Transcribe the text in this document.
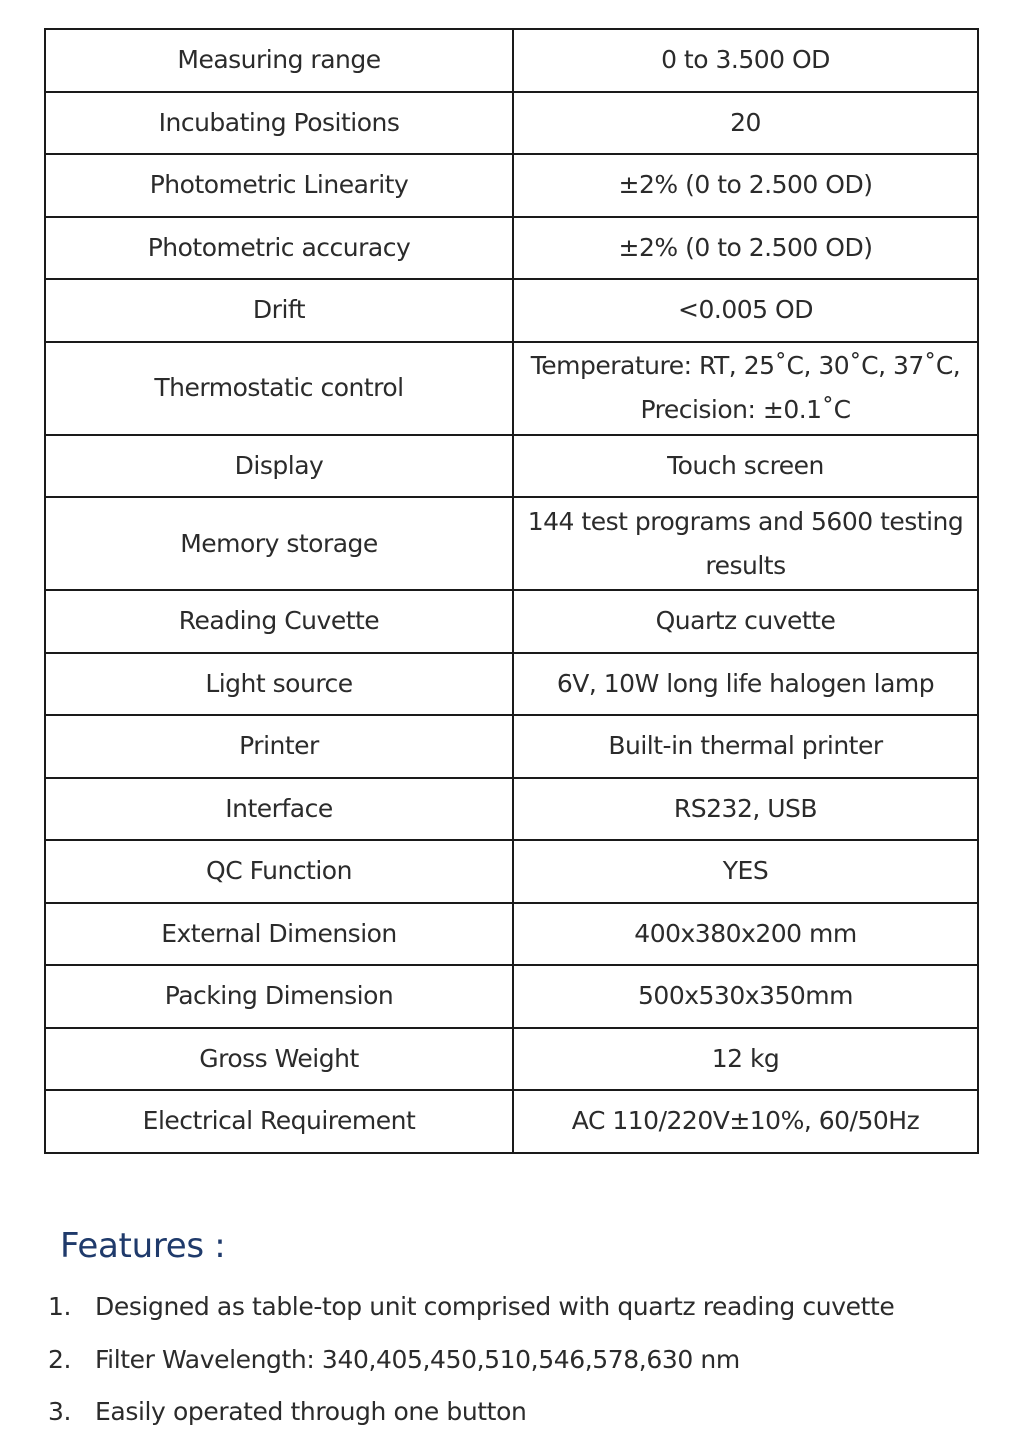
Measuring range	0 to 3.500 OD
Incubating Positions	20
Photometric Linearity	±2% (0 to 2.500 OD)
Photometric accuracy	±2% (0 to 2.500 OD)
Drift	<0.005 OD
Thermostatic control	Temperature: RT, 25˚C, 30˚C, 37˚C, Precision: ±0.1˚C
Display	Touch screen
Memory storage	144 test programs and 5600 testing results
Reading Cuvette	Quartz cuvette
Light source	6V, 10W long life halogen lamp
Printer	Built-in thermal printer
Interface	RS232, USB
QC Function	YES
External Dimension	400x380x200 mm
Packing Dimension	500x530x350mm
Gross Weight	12 kg
Electrical Requirement	AC 110/220V±10%, 60/50Hz
Features :
1. Designed as table-top unit comprised with quartz reading cuvette
2. Filter Wavelength: 340,405,450,510,546,578,630 nm
3. Easily operated through one button
